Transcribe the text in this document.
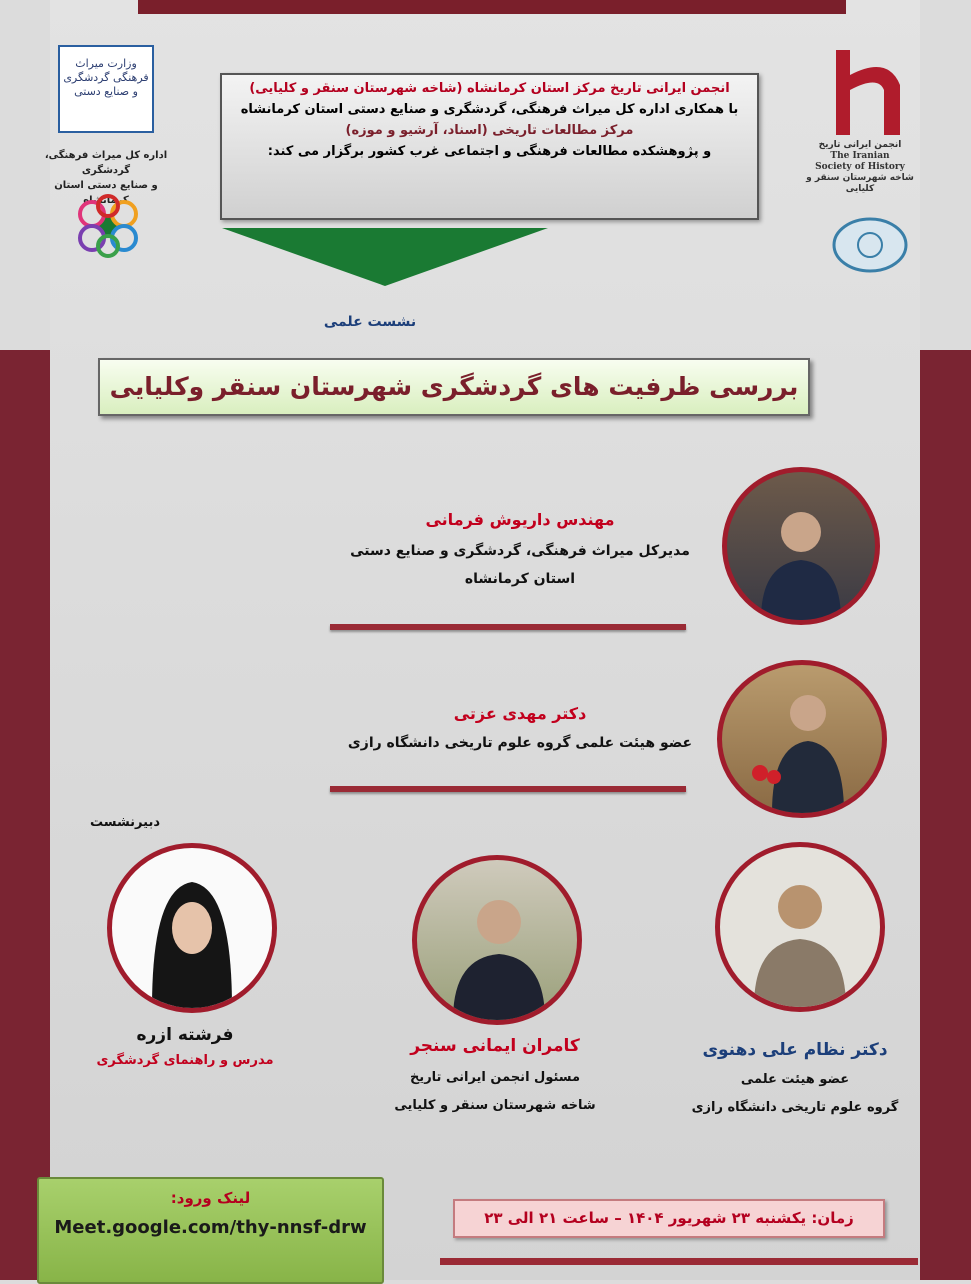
وزارت میراث فرهنگی گردشگری و صنایع دستی
اداره کل میراث فرهنگی، گردشگری
و صنایع دستی استان کرمانشاه
انجمن ایرانی تاریخ
The Iranian
Society of History
شاخه شهرستان سنقر و کلیایی
انجمن ایرانی تاریخ مرکز استان کرمانشاه (شاخه شهرستان سنقر و کلیایی)
با همکاری اداره کل میراث فرهنگی، گردشگری و صنایع دستی استان کرمانشاه
مرکز مطالعات تاریخی (اسناد، آرشیو و موزه)
و پژوهشکده مطالعات فرهنگی و اجتماعی غرب کشور برگزار می کند:
نشست علمی
بررسی ظرفیت های گردشگری شهرستان سنقر وکلیایی
مهندس داریوش فرمانی
مدیرکل میراث فرهنگی، گردشگری و صنایع دستی
استان کرمانشاه
دکتر مهدی عزتی
عضو هیئت علمی گروه علوم تاریخی دانشگاه رازی
دبیرنشست
فرشته ازره
مدرس و راهنمای گردشگری
کامران ایمانی سنجر
مسئول انجمن ایرانی تاریخ
شاخه شهرستان سنقر و کلیایی
دکتر نظام علی دهنوی
عضو هیئت علمی
گروه علوم تاریخی دانشگاه رازی
لینک ورود:
Meet.google.com/thy-nnsf-drw	زمان: یکشنبه ۲۳ شهریور ۱۴۰۴ – ساعت ۲۱ الی ۲۳
